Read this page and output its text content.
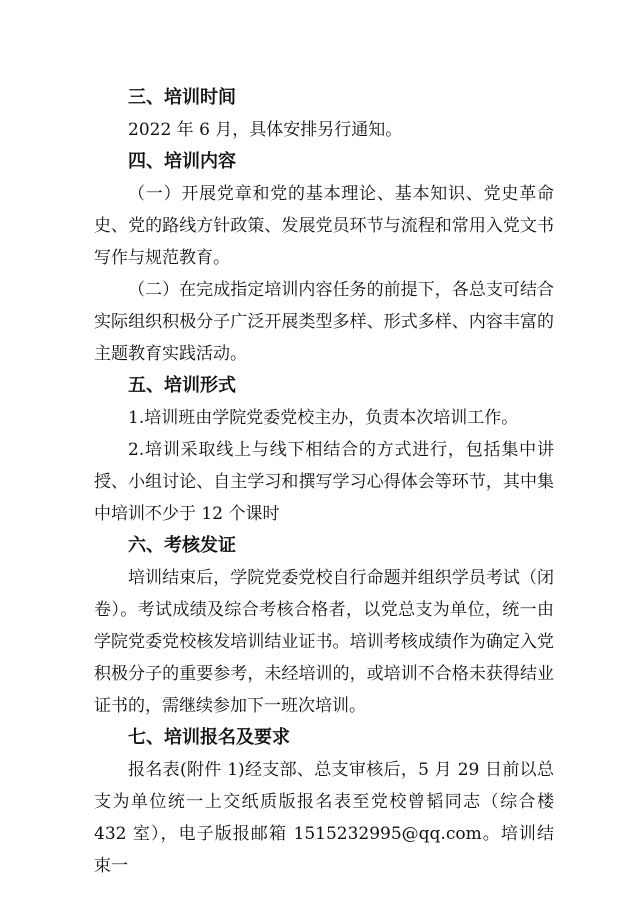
三、培训时间

2022 年 6 月，具体安排另行通知。

四、培训内容

（一）开展党章和党的基本理论、基本知识、党史革命史、党的路线方针政策、发展党员环节与流程和常用入党文书写作与规范教育。

（二）在完成指定培训内容任务的前提下，各总支可结合实际组织积极分子广泛开展类型多样、形式多样、内容丰富的主题教育实践活动。

五、培训形式

1.培训班由学院党委党校主办，负责本次培训工作。

2.培训采取线上与线下相结合的方式进行，包括集中讲授、小组讨论、自主学习和撰写学习心得体会等环节，其中集中培训不少于 12 个课时

六、考核发证

培训结束后，学院党委党校自行命题并组织学员考试（闭卷）。考试成绩及综合考核合格者，以党总支为单位，统一由学院党委党校核发培训结业证书。培训考核成绩作为确定入党积极分子的重要参考，未经培训的，或培训不合格未获得结业证书的，需继续参加下一班次培训。

七、培训报名及要求

报名表(附件 1)经支部、总支审核后，5 月 29 日前以总支为单位统一上交纸质版报名表至党校曾韬同志（综合楼 432 室），电子版报邮箱 1515232995@qq.com。培训结束一
